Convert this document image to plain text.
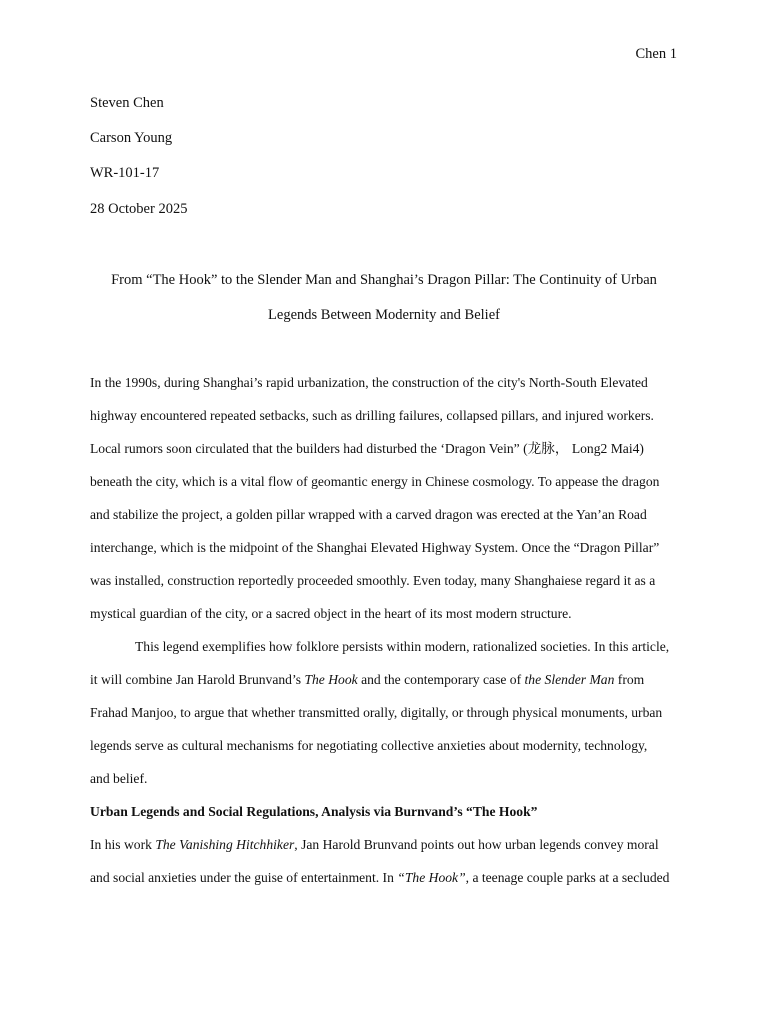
Chen 1
Steven Chen
Carson Young
WR-101-17
28 October 2025
From “The Hook” to the Slender Man and Shanghai’s Dragon Pillar: The Continuity of Urban
Legends Between Modernity and Belief
In the 1990s, during Shanghai’s rapid urbanization, the construction of the city's North-South Elevated
highway encountered repeated setbacks, such as drilling failures, collapsed pillars, and injured workers.
Local rumors soon circulated that the builders had disturbed the ‘Dragon Vein” (龙脉， Long2 Mai4)
beneath the city, which is a vital flow of geomantic energy in Chinese cosmology. To appease the dragon
and stabilize the project, a golden pillar wrapped with a carved dragon was erected at the Yan’an Road
interchange, which is the midpoint of the Shanghai Elevated Highway System. Once the “Dragon Pillar”
was installed, construction reportedly proceeded smoothly. Even today, many Shanghaiese regard it as a
mystical guardian of the city, or a sacred object in the heart of its most modern structure.
This legend exemplifies how folklore persists within modern, rationalized societies. In this article,
it will combine Jan Harold Brunvand’s The Hook and the contemporary case of the Slender Man from
Frahad Manjoo, to argue that whether transmitted orally, digitally, or through physical monuments, urban
legends serve as cultural mechanisms for negotiating collective anxieties about modernity, technology,
and belief.
Urban Legends and Social Regulations, Analysis via Burnvand’s “The Hook”
In his work The Vanishing Hitchhiker, Jan Harold Brunvand points out how urban legends convey moral
and social anxieties under the guise of entertainment. In “The Hook”, a teenage couple parks at a secluded
